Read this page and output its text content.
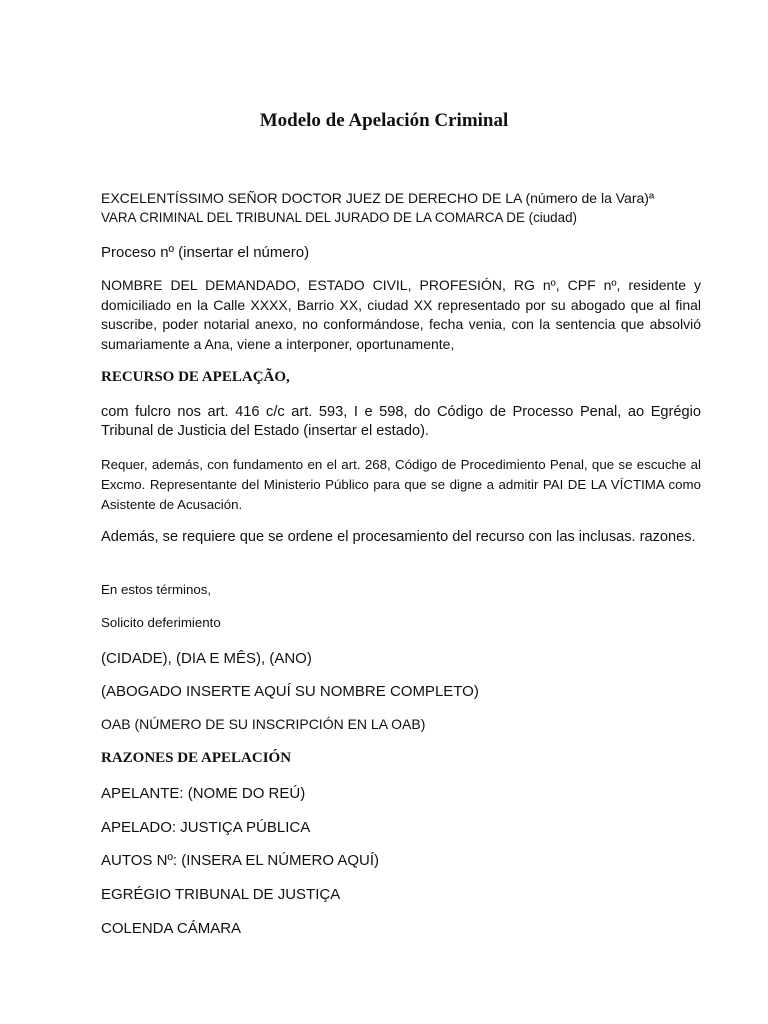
Modelo de Apelación Criminal

EXCELENTÍSSIMO SEÑOR DOCTOR JUEZ DE DERECHO DE LA (número de la Vara)ª
VARA CRIMINAL DEL TRIBUNAL DEL JURADO DE LA COMARCA DE (ciudad)

Proceso nº (insertar el número)

NOMBRE DEL DEMANDADO, ESTADO CIVIL, PROFESIÓN, RG nº, CPF nº, residente y domiciliado en la Calle XXXX, Barrio XX, ciudad XX representado por su abogado que al final suscribe, poder notarial anexo, no conformándose, fecha venia, con la sentencia que absolvió sumariamente a Ana, viene a interponer, oportunamente,

RECURSO DE APELAÇÃO,

com fulcro nos art. 416 c/c art. 593, I e 598, do Código de Processo Penal, ao Egrégio Tribunal de Justicia del Estado (insertar el estado).

Requer, además, con fundamento en el art. 268, Código de Procedimiento Penal, que se escuche al Excmo. Representante del Ministerio Público para que se digne a admitir PAI DE LA VÍCTIMA como Asistente de Acusación.

Además, se requiere que se ordene el procesamiento del recurso con las inclusas. razones.

En estos términos,

Solicito deferimiento

(CIDADE), (DIA E MÊS), (ANO)

(ABOGADO INSERTE AQUÍ SU NOMBRE COMPLETO)

OAB (NÚMERO DE SU INSCRIPCIÓN EN LA OAB)

RAZONES DE APELACIÓN

APELANTE: (NOME DO REÚ)

APELADO: JUSTIÇA PÚBLICA

AUTOS Nº: (INSERA EL NÚMERO AQUÍ)

EGRÉGIO TRIBUNAL DE JUSTIÇA

COLENDA CÁMARA
